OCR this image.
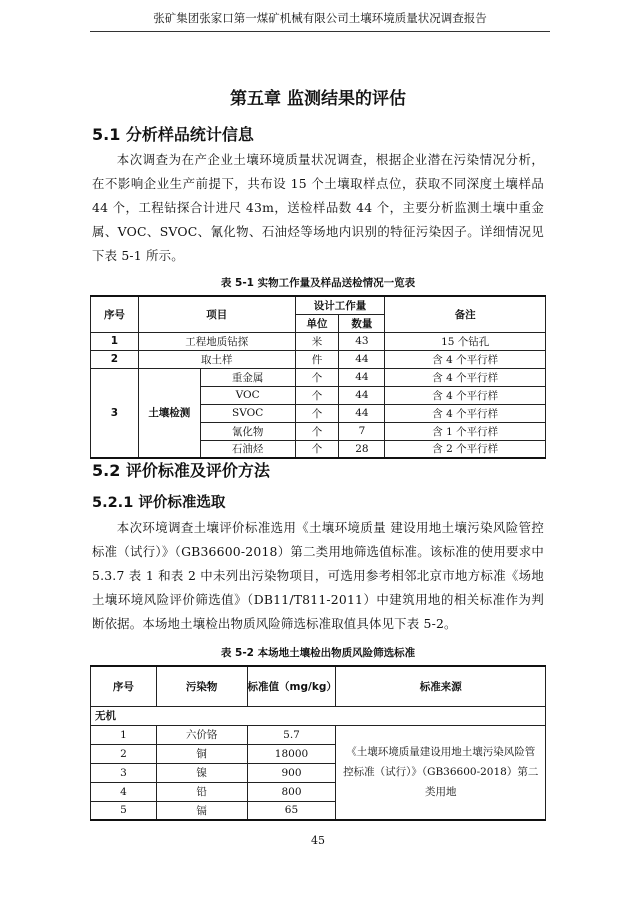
张矿集团张家口第一煤矿机械有限公司土壤环境质量状况调查报告
第五章 监测结果的评估
5.1 分析样品统计信息
本次调查为在产企业土壤环境质量状况调查，根据企业潜在污染情况分析，在不影响企业生产前提下，共布设 15 个土壤取样点位，获取不同深度土壤样品 44 个，工程钻探合计进尺 43m，送检样品数 44 个，主要分析监测土壤中重金属、VOC、SVOC、氰化物、石油烃等场地内识别的特征污染因子。详细情况见下表 5-1 所示。
表 5-1 实物工作量及样品送检情况一览表
序号	项目		设计工作量		备注
			单位	数量	
1	工程地质钻探		米	43	15 个钻孔
2	取土样		件	44	含 4 个平行样
3	土壤检测	重金属	个	44	含 4 个平行样
		VOC	个	44	含 4 个平行样
		SVOC	个	44	含 4 个平行样
		氰化物	个	7	含 1 个平行样
		石油烃	个	28	含 2 个平行样
5.2 评价标准及评价方法
5.2.1 评价标准选取
本次环境调查土壤评价标准选用《土壤环境质量 建设用地土壤污染风险管控标准（试行）》（GB36600-2018）第二类用地筛选值标准。该标准的使用要求中 5.3.7 表 1 和表 2 中未列出污染物项目，可选用参考相邻北京市地方标准《场地土壤环境风险评价筛选值》（DB11/T811-2011）中建筑用地的相关标准作为判断依据。本场地土壤检出物质风险筛选标准取值具体见下表 5-2。
表 5-2 本场地土壤检出物质风险筛选标准
序号	污染物	标准值（mg/kg）	标准来源
无机			
1	六价铬	5.7	《土壤环境质量建设用地土壤污染风险管控标准（试行）》（GB36600-2018）第二类用地
2	铜	18000	
3	镍	900	
4	铅	800	
5	镉	65	
45
